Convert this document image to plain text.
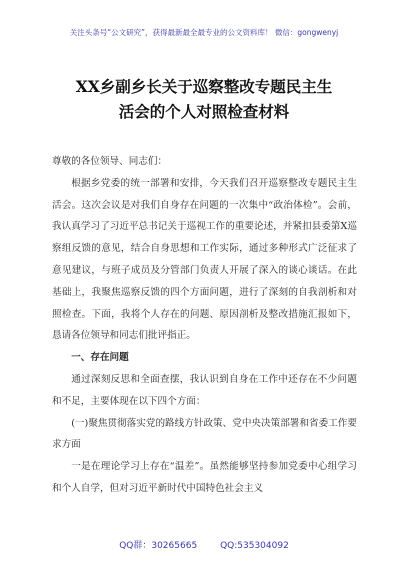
关注头条号“公文研究”，获得最新最全最专业的公文资料库！ 微信：gongwenyj
XX乡副乡长关于巡察整改专题民主生
活会的个人对照检查材料

尊敬的各位领导、同志们：

根据乡党委的统一部署和安排，今天我们召开巡察整改专题民主生活会。这次会议是对我们自身存在问题的一次集中“政治体检”。会前，我认真学习了习近平总书记关于巡视工作的重要论述，并紧扣县委第X巡察组反馈的意见，结合自身思想和工作实际，通过多种形式广泛征求了意见建议，与班子成员及分管部门负责人开展了深入的谈心谈话。在此基础上，我聚焦巡察反馈的四个方面问题，进行了深刻的自我剖析和对照检查。下面，我将个人存在的问题、原因剖析及整改措施汇报如下，恳请各位领导和同志们批评指正。

一、存在问题

通过深刻反思和全面查摆，我认识到自身在工作中还存在不少问题和不足，主要体现在以下四个方面：

(一)聚焦贯彻落实党的路线方针政策、党中央决策部署和省委工作要求方面

一是在理论学习上存在“温差”。虽然能够坚持参加党委中心组学习和个人自学，但对习近平新时代中国特色社会主义

QQ群：30265665	QQ:535304092
